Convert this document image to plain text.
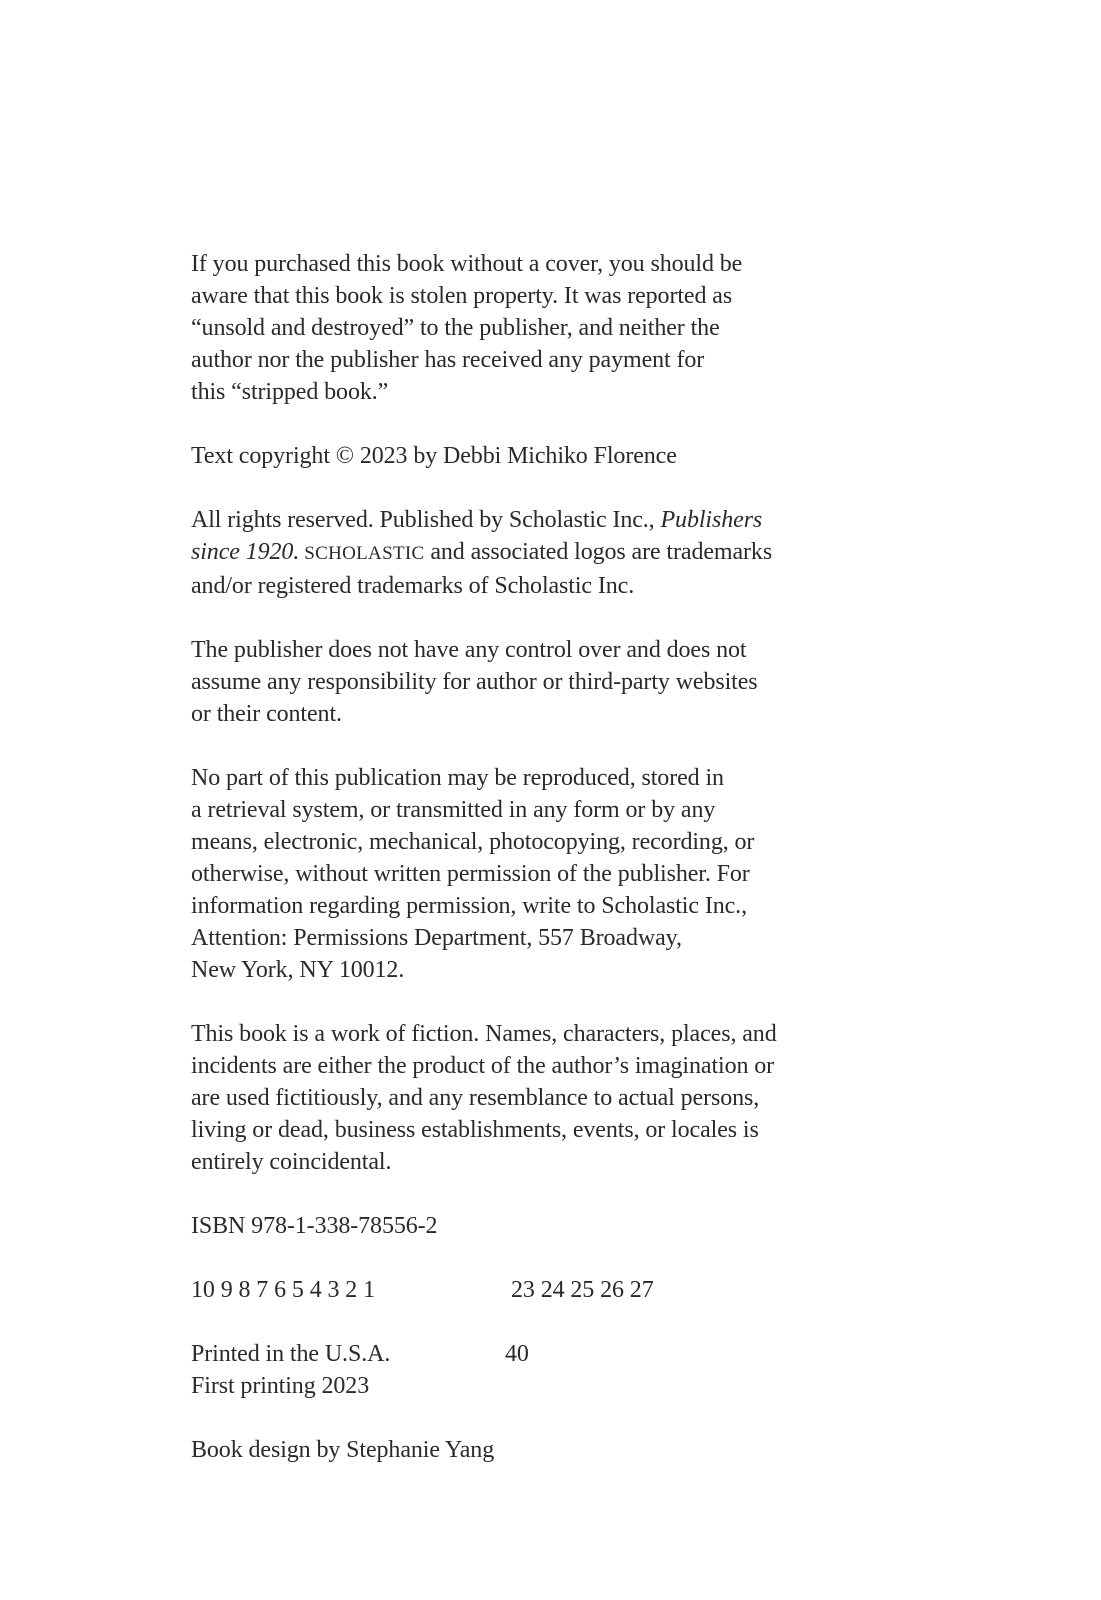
If you purchased this book without a cover, you should be
aware that this book is stolen property. It was reported as
“unsold and destroyed” to the publisher, and neither the
author nor the publisher has received any payment for
this “stripped book.”

Text copyright © 2023 by Debbi Michiko Florence

All rights reserved. Published by Scholastic Inc., Publishers
since 1920. SCHOLASTIC and associated logos are trademarks
and/or registered trademarks of Scholastic Inc.

The publisher does not have any control over and does not
assume any responsibility for author or third-party websites
or their content.

No part of this publication may be reproduced, stored in
a retrieval system, or transmitted in any form or by any
means, electronic, mechanical, photocopying, recording, or
otherwise, without written permission of the publisher. For
information regarding permission, write to Scholastic Inc.,
Attention: Permissions Department, 557 Broadway,
New York, NY 10012.

This book is a work of fiction. Names, characters, places, and
incidents are either the product of the author’s imagination or
are used fictitiously, and any resemblance to actual persons,
living or dead, business establishments, events, or locales is
entirely coincidental.

ISBN 978-1-338-78556-2

10 9 8 7 6 5 4 3 2 1	23 24 25 26 27
Printed in the U.S.A.	40
First printing 2023

Book design by Stephanie Yang
